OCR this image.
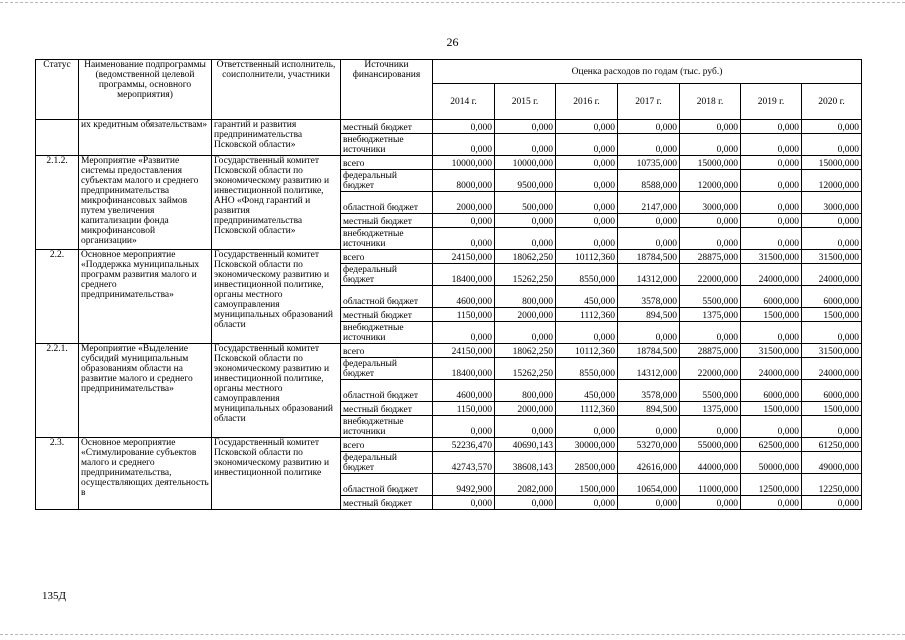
26
Статус	Наименование подпрограммы (ведомственной целевой программы, основного мероприятия)	Ответственный исполнитель, соисполнители, участники	Источники финансирования	Оценка расходов по годам (тыс. руб.)						
				2014 г.	2015 г.	2016 г.	2017 г.	2018 г.	2019 г.	2020 г.
	их кредитным обязательствам»	гарантий и развития предпринимательства Псковской области»	местный бюджет	0,000	0,000	0,000	0,000	0,000	0,000	0,000
			внебюджетные источники	0,000	0,000	0,000	0,000	0,000	0,000	0,000
2.1.2.	Мероприятие «Развитие системы предоставления субъектам малого и среднего предпринимательства микрофинансовых займов путем увеличения капитализации фонда микрофинансовой организации»	Государственный комитет Псковской области по экономическому развитию и инвестиционной политике, АНО «Фонд гарантий и развития предпринимательства Псковской области»	всего	10000,000	10000,000	0,000	10735,000	15000,000	0,000	15000,000
			федеральный бюджет	8000,000	9500,000	0,000	8588,000	12000,000	0,000	12000,000
			областной бюджет	2000,000	500,000	0,000	2147,000	3000,000	0,000	3000,000
			местный бюджет	0,000	0,000	0,000	0,000	0,000	0,000	0,000
			внебюджетные источники	0,000	0,000	0,000	0,000	0,000	0,000	0,000
2.2.	Основное мероприятие «Поддержка муниципальных программ развития малого и среднего предпринимательства»	Государственный комитет Псковской области по экономическому развитию и инвестиционной политике, органы местного самоуправления муниципальных образований области	всего	24150,000	18062,250	10112,360	18784,500	28875,000	31500,000	31500,000
			федеральный бюджет	18400,000	15262,250	8550,000	14312,000	22000,000	24000,000	24000,000
			областной бюджет	4600,000	800,000	450,000	3578,000	5500,000	6000,000	6000,000
			местный бюджет	1150,000	2000,000	1112,360	894,500	1375,000	1500,000	1500,000
			внебюджетные источники	0,000	0,000	0,000	0,000	0,000	0,000	0,000
2.2.1.	Мероприятие «Выделение субсидий муниципальным образованиям области на развитие малого и среднего предпринимательства»	Государственный комитет Псковской области по экономическому развитию и инвестиционной политике, органы местного самоуправления муниципальных образований области	всего	24150,000	18062,250	10112,360	18784,500	28875,000	31500,000	31500,000
			федеральный бюджет	18400,000	15262,250	8550,000	14312,000	22000,000	24000,000	24000,000
			областной бюджет	4600,000	800,000	450,000	3578,000	5500,000	6000,000	6000,000
			местный бюджет	1150,000	2000,000	1112,360	894,500	1375,000	1500,000	1500,000
			внебюджетные источники	0,000	0,000	0,000	0,000	0,000	0,000	0,000
2.3.	Основное мероприятие «Стимулирование субъектов малого и среднего предпринимательства, осуществляющих деятельность в	Государственный комитет Псковской области по экономическому развитию и инвестиционной политике	всего	52236,470	40690,143	30000,000	53270,000	55000,000	62500,000	61250,000
			федеральный бюджет	42743,570	38608,143	28500,000	42616,000	44000,000	50000,000	49000,000
			областной бюджет	9492,900	2082,000	1500,000	10654,000	11000,000	12500,000	12250,000
			местный бюджет	0,000	0,000	0,000	0,000	0,000	0,000	0,000
135Д
